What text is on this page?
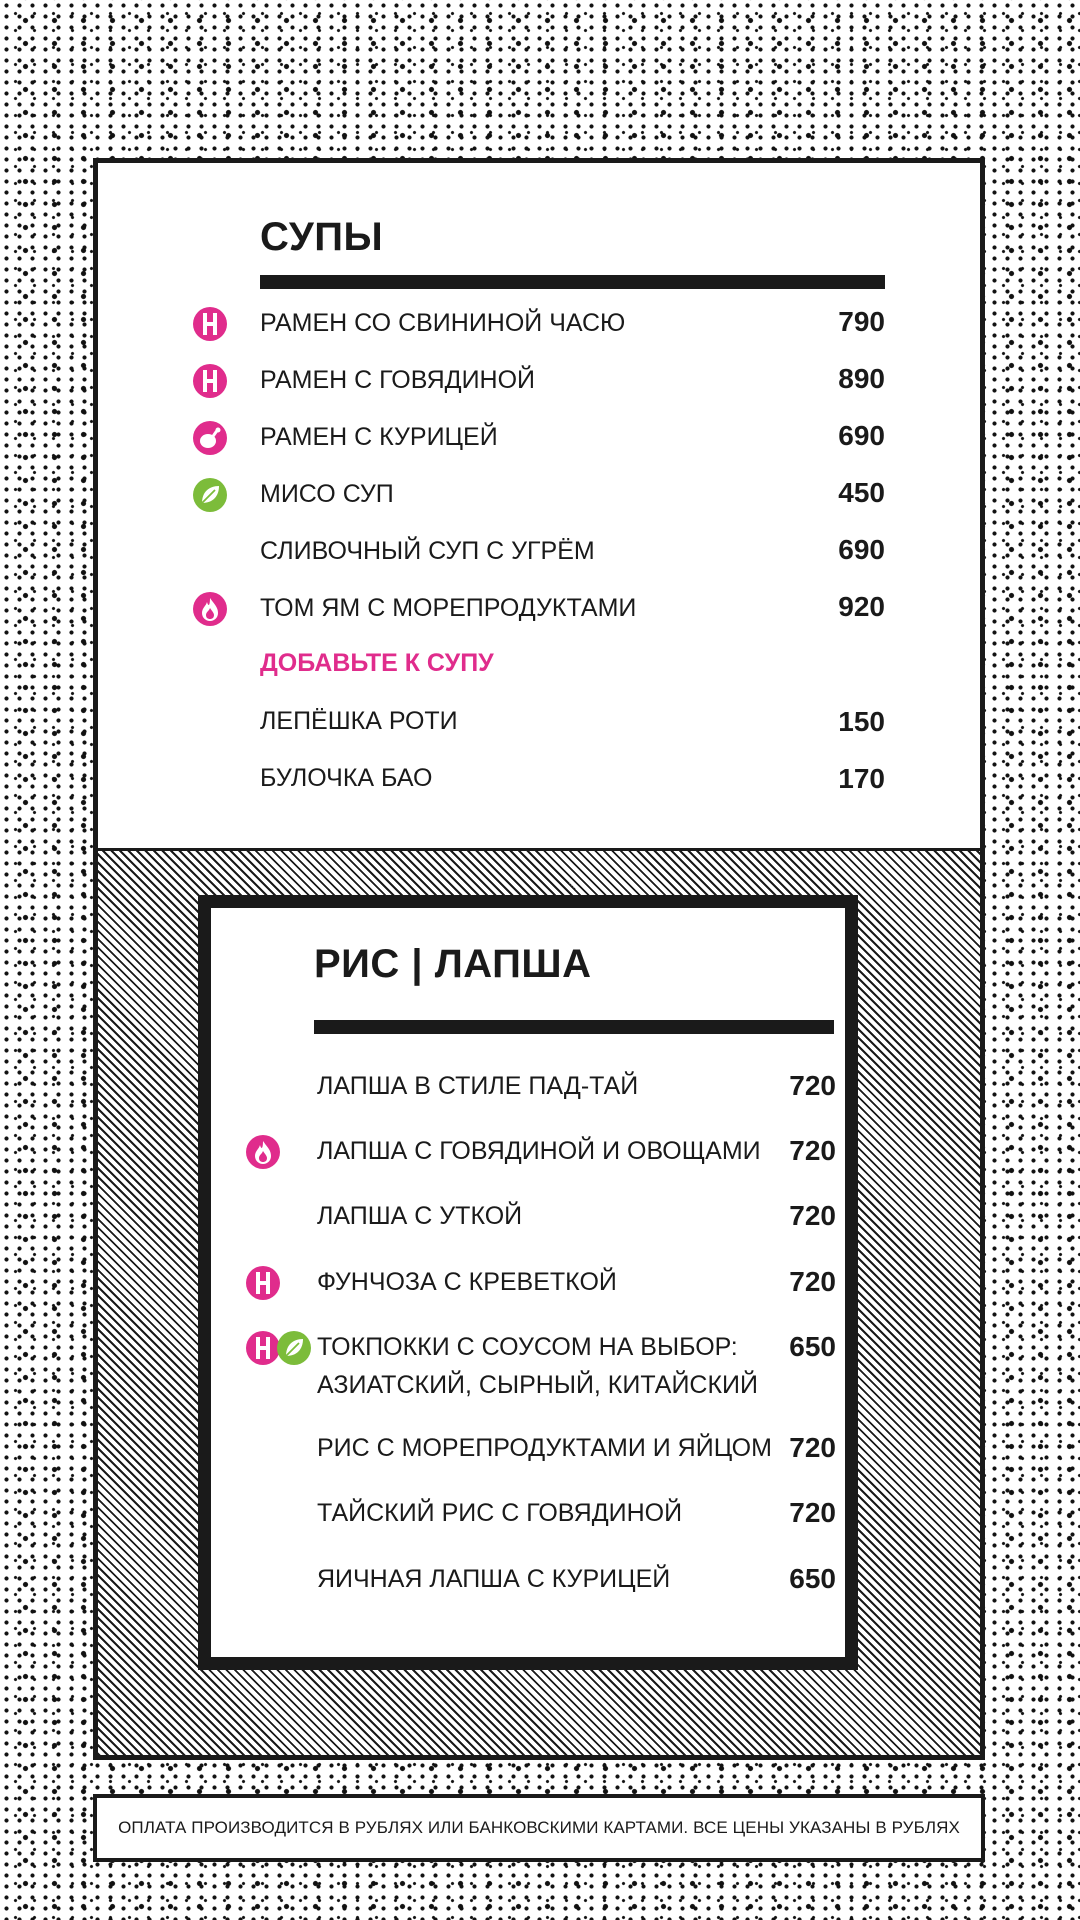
СУПЫ
РАМЕН СО СВИНИНОЙ ЧАСЮ	790
РАМЕН С ГОВЯДИНОЙ	890
РАМЕН С КУРИЦЕЙ	690
МИСО СУП	450
СЛИВОЧНЫЙ СУП С УГРЁМ	690
ТОМ ЯМ С МОРЕПРОДУКТАМИ	920
ДОБАВЬТЕ К СУПУ
ЛЕПЁШКА РОТИ	150
БУЛОЧКА БАО	170
РИС | ЛАПША
ЛАПША В СТИЛЕ ПАД-ТАЙ	720
ЛАПША С ГОВЯДИНОЙ И ОВОЩАМИ	720
ЛАПША С УТКОЙ	720
ФУНЧОЗА С КРЕВЕТКОЙ	720
ТОКПОККИ С СОУСОМ НА ВЫБОР:
АЗИАТСКИЙ, СЫРНЫЙ, КИТАЙСКИЙ
650
РИС С МОРЕПРОДУКТАМИ И ЯЙЦОМ 720
ТАЙСКИЙ РИС С ГОВЯДИНОЙ	720
ЯИЧНАЯ ЛАПША С КУРИЦЕЙ	650
ОПЛАТА ПРОИЗВОДИТСЯ В РУБЛЯХ ИЛИ БАНКОВСКИМИ КАРТАМИ. ВСЕ ЦЕНЫ УКАЗАНЫ В РУБЛЯХ
